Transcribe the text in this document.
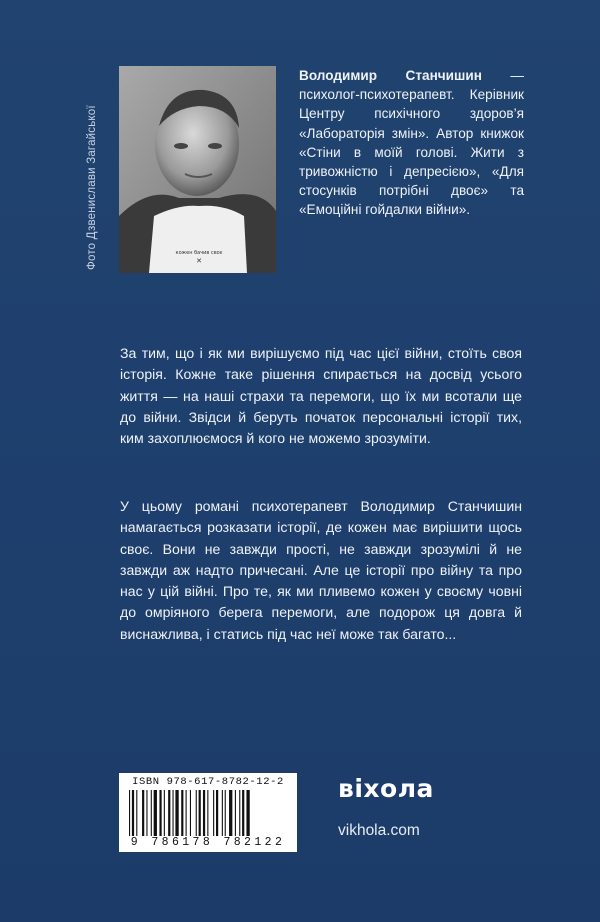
Фото Дзвенислави Загайської	кожен бачив своє
✕

Володимир Станчишин — психолог-психотерапевт. Керівник Центру психічного здоров’я «Лабораторія змін». Автор книжок «Стіни в моїй голові. Жити з тривожністю і депресією», «Для стосунків потрібні двоє» та «Емоційні гойдалки війни».

За тим, що і як ми вирішуємо під час цієї війни, стоїть своя історія. Кожне таке рішення спирається на досвід усього життя — на наші страхи та перемоги, що їх ми всотали ще до війни. Звідси й беруть початок персональні історії тих, ким захоплюємося й кого не можемо зрозуміти.

У цьому романі психотерапевт Володимир Станчишин намагається розказати історії, де кожен має вирішити щось своє. Вони не завжди прості, не завжди зрозумілі й не завжди аж надто причесані. Але це історії про війну та про нас у цій війні. Про те, як ми пливемо кожен у своєму човні до омріяного берега перемоги, але подорож ця довга й виснажлива, і статись під час неї може так багато...

ISBN 978-617-8782-12-2
9 786178 782122
віхола
vikhola.com
